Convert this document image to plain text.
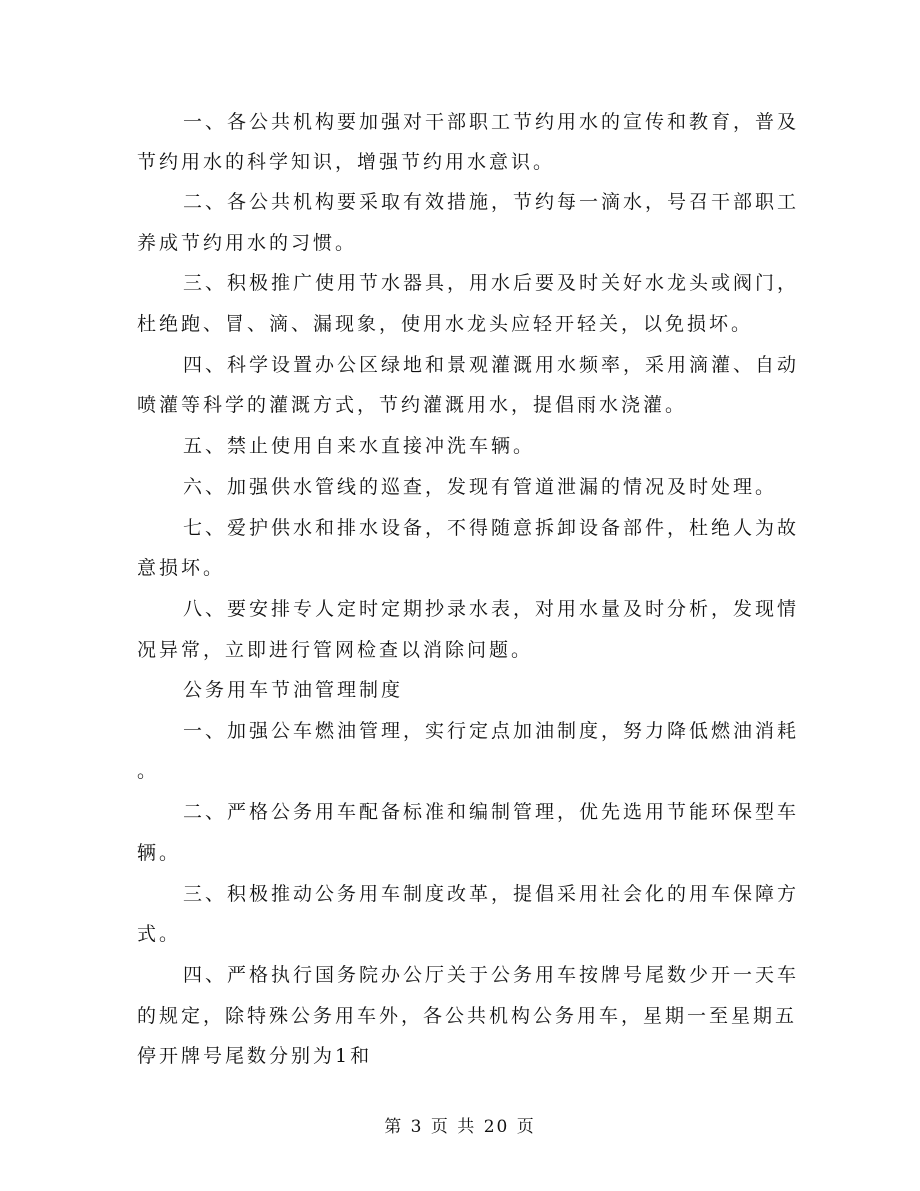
一、各公共机构要加强对干部职工节约用水的宣传和教育，普及

节约用水的科学知识，增强节约用水意识。

二、各公共机构要采取有效措施，节约每一滴水，号召干部职工

养成节约用水的习惯。

三、积极推广使用节水器具，用水后要及时关好水龙头或阀门，

杜绝跑、冒、滴、漏现象，使用水龙头应轻开轻关，以免损坏。

四、科学设置办公区绿地和景观灌溉用水频率，采用滴灌、自动

喷灌等科学的灌溉方式，节约灌溉用水，提倡雨水浇灌。

五、禁止使用自来水直接冲洗车辆。

六、加强供水管线的巡查，发现有管道泄漏的情况及时处理。

七、爱护供水和排水设备，不得随意拆卸设备部件，杜绝人为故

意损坏。

八、要安排专人定时定期抄录水表，对用水量及时分析，发现情

况异常，立即进行管网检查以消除问题。

公务用车节油管理制度

一、加强公车燃油管理，实行定点加油制度，努力降低燃油消耗

。

二、严格公务用车配备标准和编制管理，优先选用节能环保型车

辆。

三、积极推动公务用车制度改革，提倡采用社会化的用车保障方

式。

四、严格执行国务院办公厅关于公务用车按牌号尾数少开一天车

的规定，除特殊公务用车外，各公共机构公务用车，星期一至星期五

停开牌号尾数分别为1和

第 3 页 共 20 页
